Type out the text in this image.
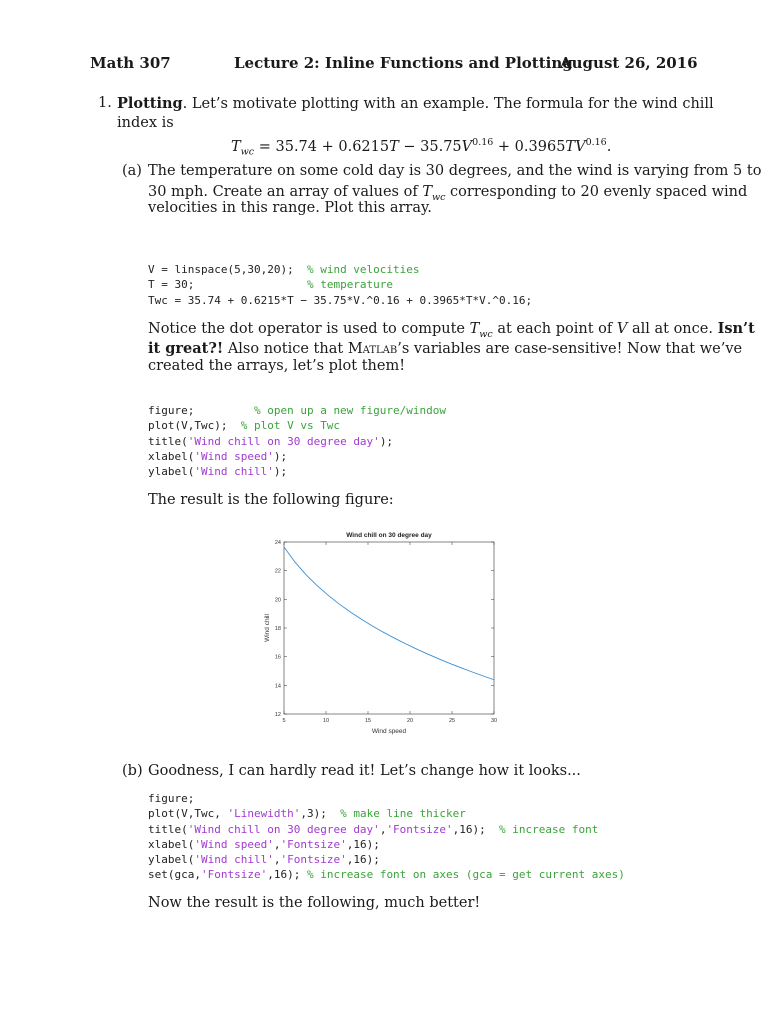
Math 307	Lecture 2: Inline Functions and Plotting
August 26, 2016
1. Plotting. Let’s motivate plotting with an example. The formula for the wind chill
index is
$T_{wc} = 35.74 + 0.6215T - 35.75V^{0.16} + 0.3965TV^{0.16}$.
(a) The temperature on some cold day is 30 degrees, and the wind is varying from 5 to
30 mph. Create an array of values of $T_{wc}$ corresponding to 20 evenly spaced wind
velocities in this range. Plot this array.
V = linspace(5,30,20);  % wind velocities
T = 30;                 % temperature
Twc = 35.74 + 0.6215*T − 35.75*V.^0.16 + 0.3965*T*V.^0.16;
Notice the dot operator is used to compute $T_{wc}$ at each point of V all at once. Isn’t
it great?! Also notice that Matlab’s variables are case-sensitive! Now that we’ve
created the arrays, let’s plot them!
figure;         % open up a new figure/window
plot(V,Twc);  % plot V vs Twc
title('Wind chill on 30 degree day');
xlabel('Wind speed');
ylabel('Wind chill');
The result is the following figure:
Wind chill on 30 degree day
5	10	15	20	25	30
12
14
16
18
20
22
24
Wind speed
Wind chill
(b) Goodness, I can hardly read it! Let’s change how it looks...
figure;
plot(V,Twc, 'Linewidth',3);  % make line thicker
title('Wind chill on 30 degree day','Fontsize',16);  % increase font
xlabel('Wind speed','Fontsize',16);
ylabel('Wind chill','Fontsize',16);
set(gca,'Fontsize',16); % increase font on axes (gca = get current axes)
Now the result is the following, much better!
